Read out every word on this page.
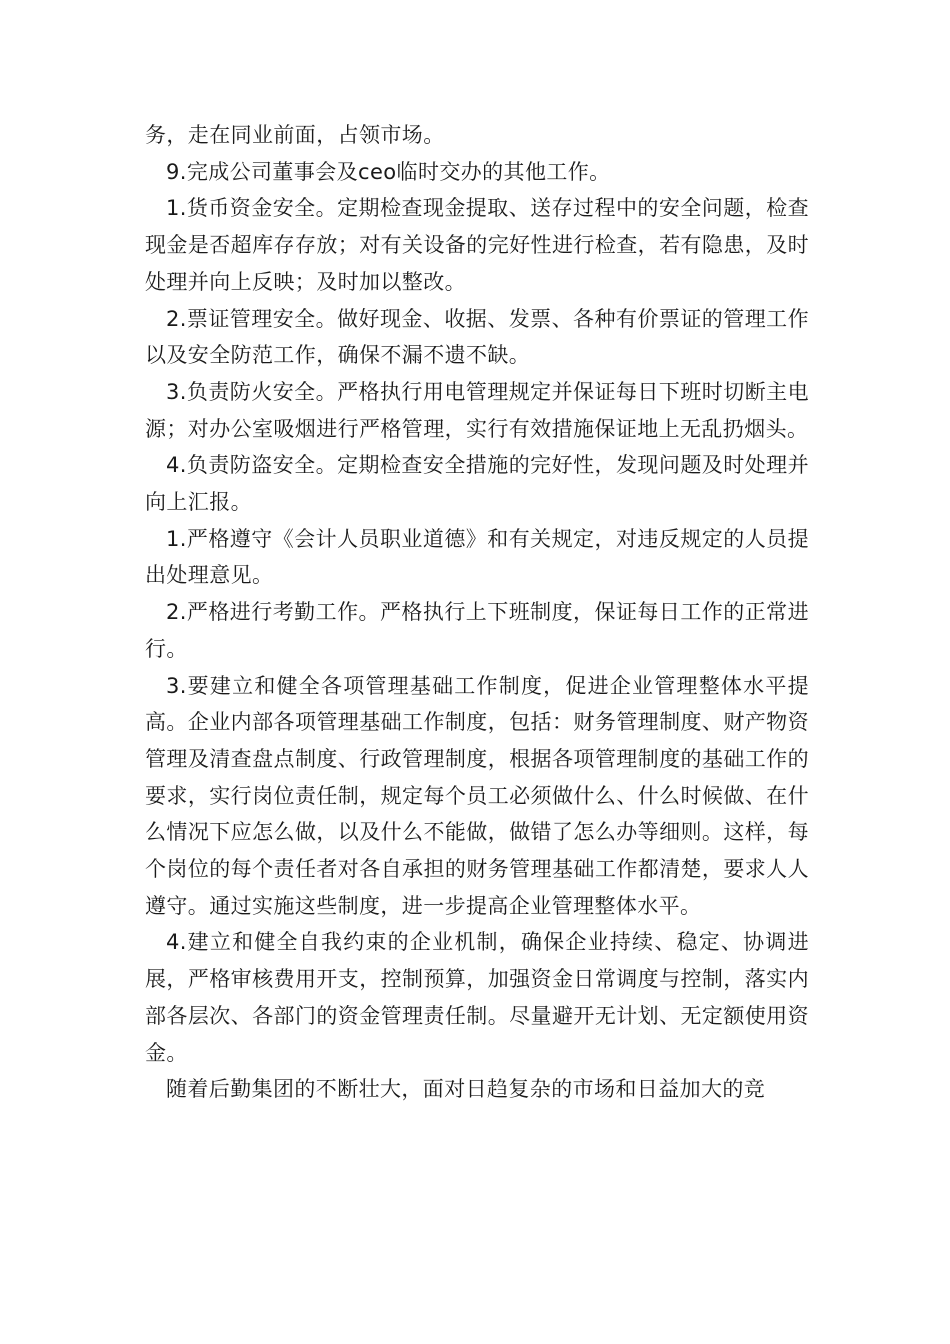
务，走在同业前面，占领市场。

9.完成公司董事会及ceo临时交办的其他工作。

1.货币资金安全。定期检查现金提取、送存过程中的安全问题，检查现金是否超库存存放；对有关设备的完好性进行检查，若有隐患，及时处理并向上反映；及时加以整改。

2.票证管理安全。做好现金、收据、发票、各种有价票证的管理工作以及安全防范工作，确保不漏不遗不缺。

3.负责防火安全。严格执行用电管理规定并保证每日下班时切断主电源；对办公室吸烟进行严格管理，实行有效措施保证地上无乱扔烟头。

4.负责防盗安全。定期检查安全措施的完好性，发现问题及时处理并向上汇报。

1.严格遵守《会计人员职业道德》和有关规定，对违反规定的人员提出处理意见。

2.严格进行考勤工作。严格执行上下班制度，保证每日工作的正常进行。

3.要建立和健全各项管理基础工作制度，促进企业管理整体水平提高。企业内部各项管理基础工作制度，包括：财务管理制度、财产物资管理及清查盘点制度、行政管理制度，根据各项管理制度的基础工作的要求，实行岗位责任制，规定每个员工必须做什么、什么时候做、在什么情况下应怎么做，以及什么不能做，做错了怎么办等细则。这样，每个岗位的每个责任者对各自承担的财务管理基础工作都清楚，要求人人遵守。通过实施这些制度，进一步提高企业管理整体水平。

4.建立和健全自我约束的企业机制，确保企业持续、稳定、协调进展，严格审核费用开支，控制预算，加强资金日常调度与控制，落实内部各层次、各部门的资金管理责任制。尽量避开无计划、无定额使用资金。

随着后勤集团的不断壮大，面对日趋复杂的市场和日益加大的竞
